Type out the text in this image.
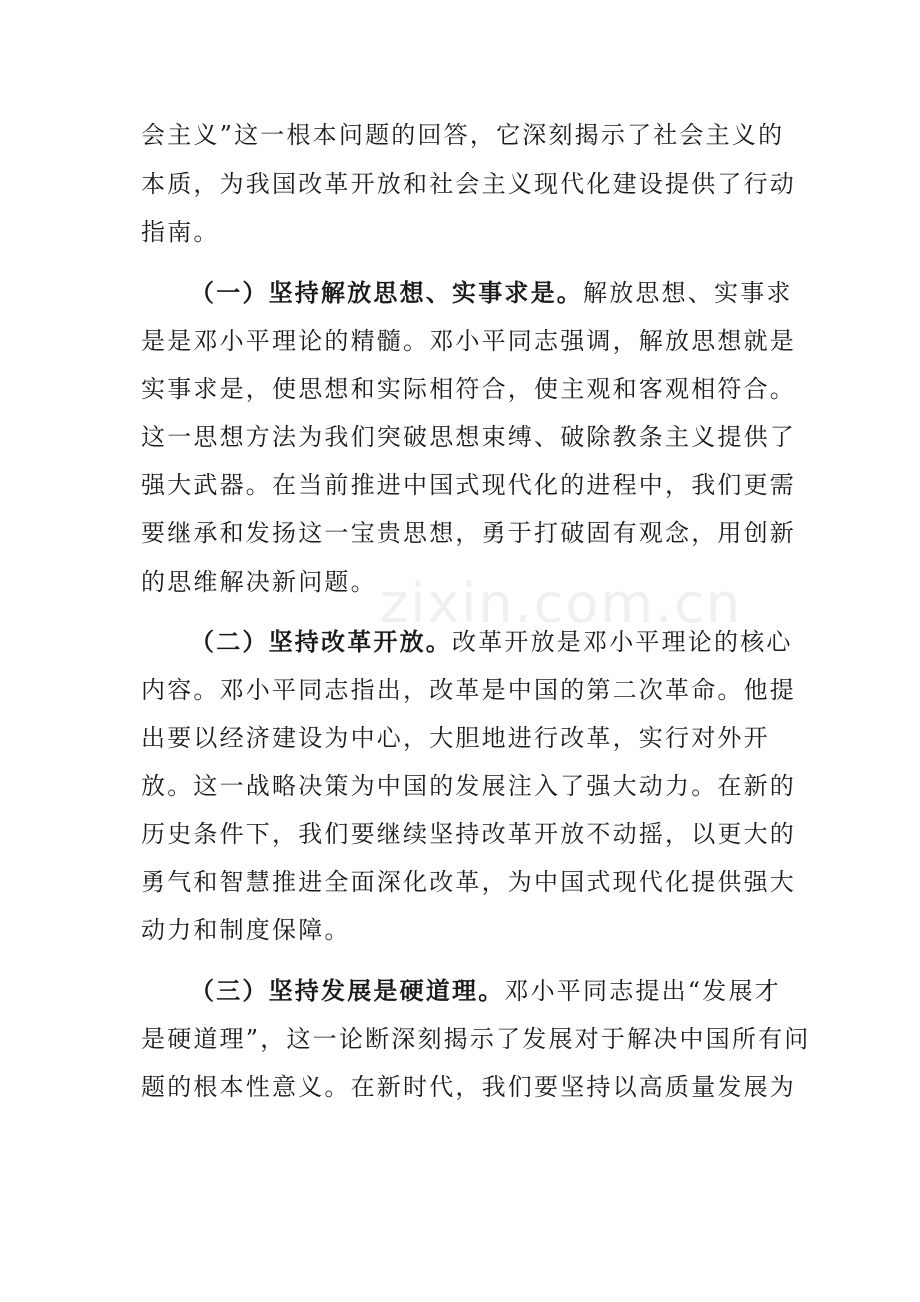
zixin.com.cn
会主义”这一根本问题的回答，它深刻揭示了社会主义的
本质，为我国改革开放和社会主义现代化建设提供了行动
指南。
（一）坚持解放思想、实事求是。解放思想、实事求
是是邓小平理论的精髓。邓小平同志强调，解放思想就是
实事求是，使思想和实际相符合，使主观和客观相符合。
这一思想方法为我们突破思想束缚、破除教条主义提供了
强大武器。在当前推进中国式现代化的进程中，我们更需
要继承和发扬这一宝贵思想，勇于打破固有观念，用创新
的思维解决新问题。
（二）坚持改革开放。改革开放是邓小平理论的核心
内容。邓小平同志指出，改革是中国的第二次革命。他提
出要以经济建设为中心，大胆地进行改革，实行对外开
放。这一战略决策为中国的发展注入了强大动力。在新的
历史条件下，我们要继续坚持改革开放不动摇，以更大的
勇气和智慧推进全面深化改革，为中国式现代化提供强大
动力和制度保障。
（三）坚持发展是硬道理。邓小平同志提出“发展才
是硬道理”，这一论断深刻揭示了发展对于解决中国所有问
题的根本性意义。在新时代，我们要坚持以高质量发展为
